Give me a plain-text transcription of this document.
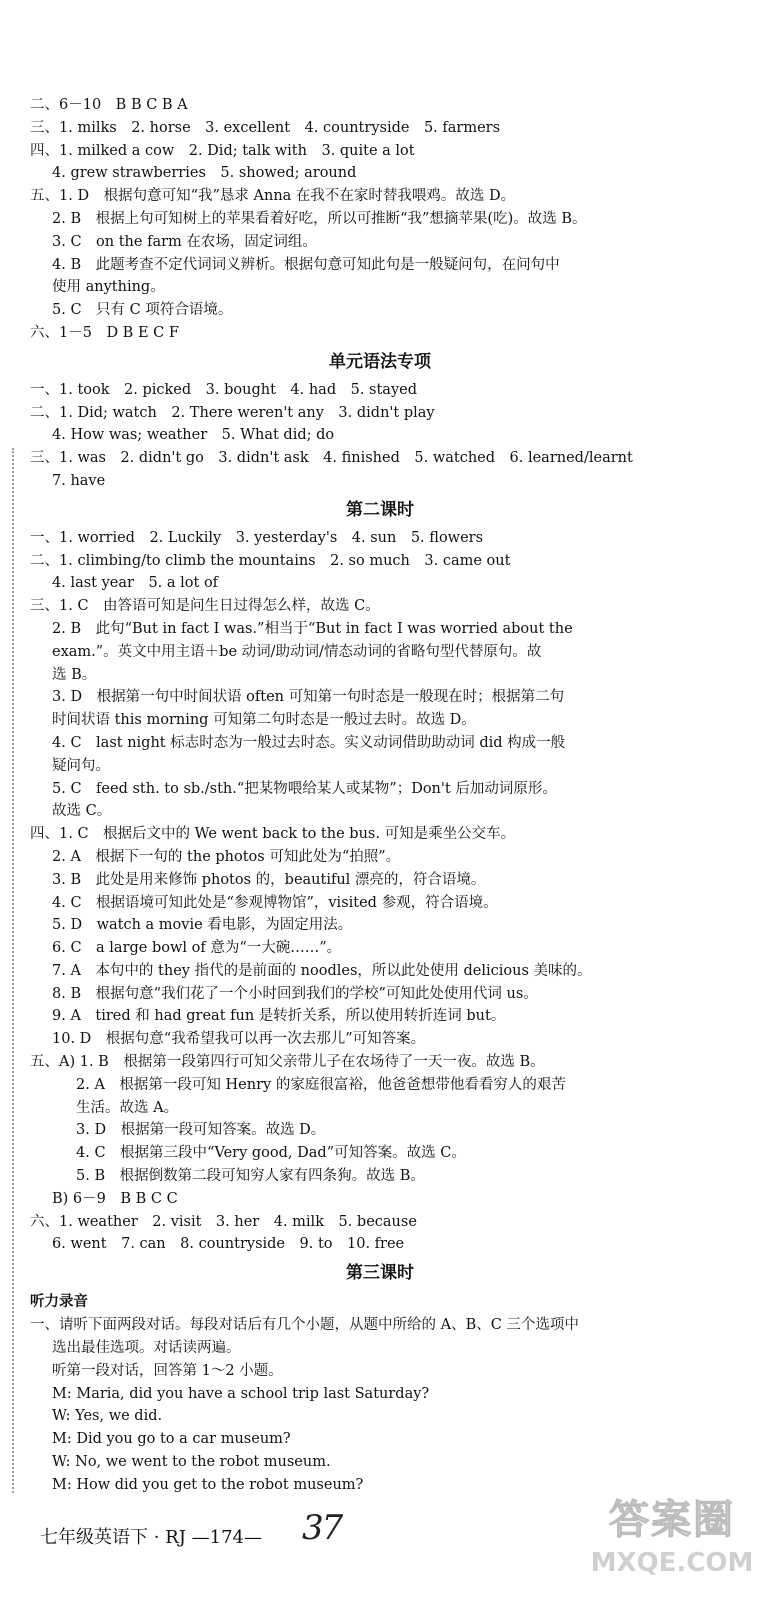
二、6－10　B B C B A
三、1. milks　2. horse　3. excellent　4. countryside　5. farmers
四、1. milked a cow　2. Did; talk with　3. quite a lot
4. grew strawberries　5. showed; around
五、1. D　根据句意可知“我”恳求 Anna 在我不在家时替我喂鸡。故选 D。
2. B　根据上句可知树上的苹果看着好吃，所以可推断“我”想摘苹果(吃)。故选 B。
3. C　on the farm 在农场，固定词组。
4. B　此题考查不定代词词义辨析。根据句意可知此句是一般疑问句，在问句中
使用 anything。
5. C　只有 C 项符合语境。
六、1－5　D B E C F
单元语法专项
一、1. took　2. picked　3. bought　4. had　5. stayed
二、1. Did; watch　2. There weren't any　3. didn't play
4. How was; weather　5. What did; do
三、1. was　2. didn't go　3. didn't ask　4. finished　5. watched　6. learned/learnt
7. have
第二课时
一、1. worried　2. Luckily　3. yesterday's　4. sun　5. flowers
二、1. climbing/to climb the mountains　2. so much　3. came out
4. last year　5. a lot of
三、1. C　由答语可知是问生日过得怎么样，故选 C。
2. B　此句“But in fact I was.”相当于“But in fact I was worried about the
exam.”。英文中用主语＋be 动词/助动词/情态动词的省略句型代替原句。故
选 B。
3. D　根据第一句中时间状语 often 可知第一句时态是一般现在时；根据第二句
时间状语 this morning 可知第二句时态是一般过去时。故选 D。
4. C　last night 标志时态为一般过去时态。实义动词借助助动词 did 构成一般
疑问句。
5. C　feed sth. to sb./sth.“把某物喂给某人或某物”；Don't 后加动词原形。
故选 C。
四、1. C　根据后文中的 We went back to the bus. 可知是乘坐公交车。
2. A　根据下一句的 the photos 可知此处为“拍照”。
3. B　此处是用来修饰 photos 的，beautiful 漂亮的，符合语境。
4. C　根据语境可知此处是“参观博物馆”，visited 参观，符合语境。
5. D　watch a movie 看电影，为固定用法。
6. C　a large bowl of 意为“一大碗……”。
7. A　本句中的 they 指代的是前面的 noodles，所以此处使用 delicious 美味的。
8. B　根据句意“我们花了一个小时回到我们的学校”可知此处使用代词 us。
9. A　tired 和 had great fun 是转折关系，所以使用转折连词 but。
10. D　根据句意“我希望我可以再一次去那儿”可知答案。
五、A) 1. B　根据第一段第四行可知父亲带儿子在农场待了一天一夜。故选 B。
2. A　根据第一段可知 Henry 的家庭很富裕，他爸爸想带他看看穷人的艰苦
生活。故选 A。
3. D　根据第一段可知答案。故选 D。
4. C　根据第三段中“Very good, Dad”可知答案。故选 C。
5. B　根据倒数第二段可知穷人家有四条狗。故选 B。
B) 6－9　B B C C
六、1. weather　2. visit　3. her　4. milk　5. because
6. went　7. can　8. countryside　9. to　10. free
第三课时
听力录音
一、请听下面两段对话。每段对话后有几个小题，从题中所给的 A、B、C 三个选项中
选出最佳选项。对话读两遍。
听第一段对话，回答第 1～2 小题。
M: Maria, did you have a school trip last Saturday?
W: Yes, we did.
M: Did you go to a car museum?
W: No, we went to the robot museum.
M: How did you get to the robot museum?
七年级英语下 · RJ —174— 37	答案圈
MXQE.COM
